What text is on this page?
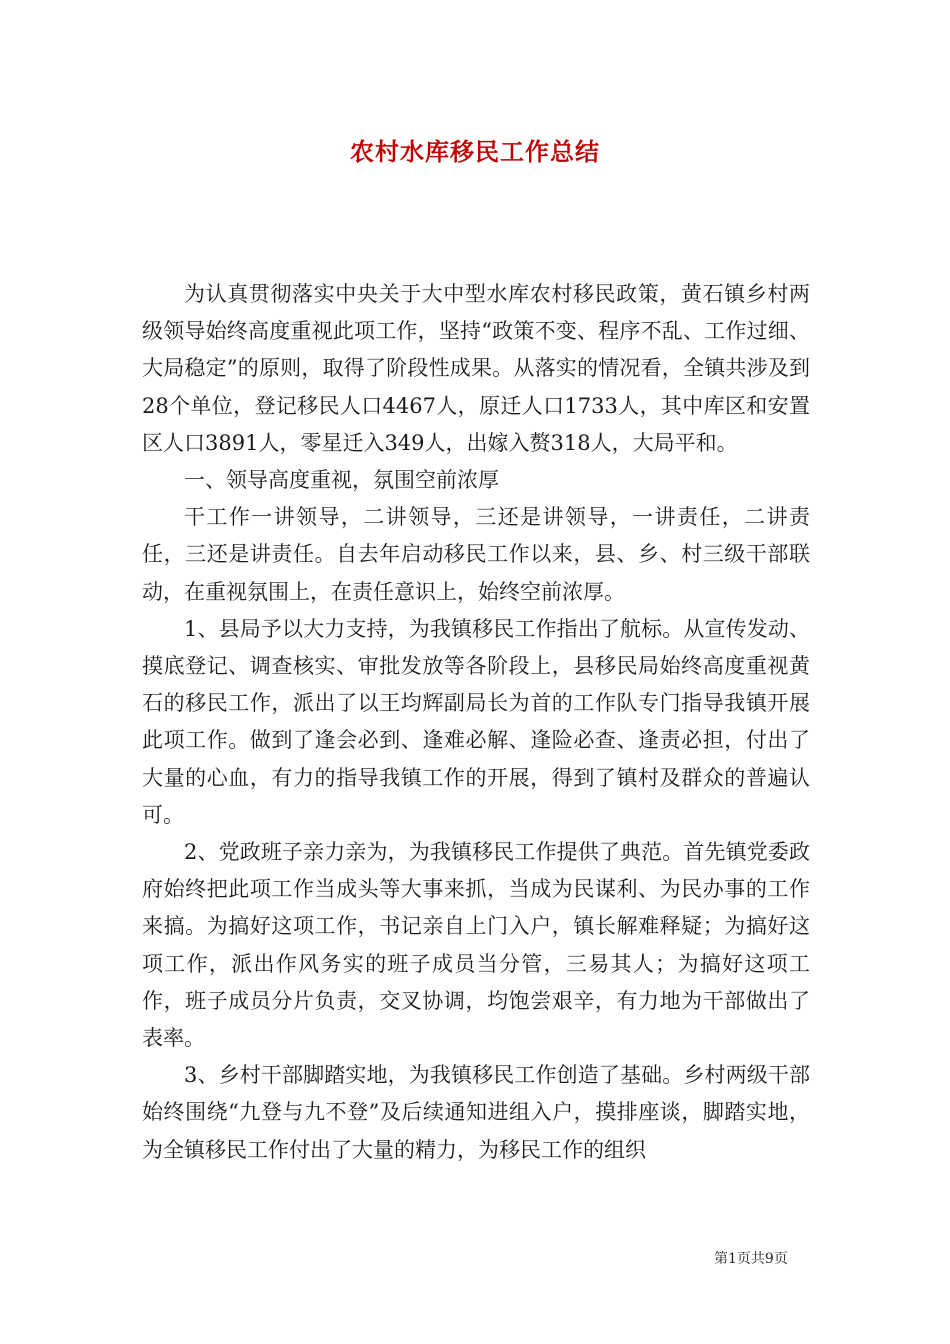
农村水库移民工作总结

为认真贯彻落实中央关于大中型水库农村移民政策，黄石镇乡村两级领导始终高度重视此项工作，坚持“政策不变、程序不乱、工作过细、大局稳定”的原则，取得了阶段性成果。从落实的情况看，全镇共涉及到28个单位，登记移民人口4467人，原迁人口1733人，其中库区和安置区人口3891人，零星迁入349人，出嫁入赘318人，大局平和。

一、领导高度重视，氛围空前浓厚

干工作一讲领导，二讲领导，三还是讲领导，一讲责任，二讲责任，三还是讲责任。自去年启动移民工作以来，县、乡、村三级干部联动，在重视氛围上，在责任意识上，始终空前浓厚。

1、县局予以大力支持，为我镇移民工作指出了航标。从宣传发动、摸底登记、调查核实、审批发放等各阶段上，县移民局始终高度重视黄石的移民工作，派出了以王均辉副局长为首的工作队专门指导我镇开展此项工作。做到了逢会必到、逢难必解、逢险必查、逢责必担，付出了大量的心血，有力的指导我镇工作的开展，得到了镇村及群众的普遍认可。

2、党政班子亲力亲为，为我镇移民工作提供了典范。首先镇党委政府始终把此项工作当成头等大事来抓，当成为民谋利、为民办事的工作来搞。为搞好这项工作，书记亲自上门入户，镇长解难释疑；为搞好这项工作，派出作风务实的班子成员当分管，三易其人；为搞好这项工作，班子成员分片负责，交叉协调，均饱尝艰辛，有力地为干部做出了表率。

3、乡村干部脚踏实地，为我镇移民工作创造了基础。乡村两级干部始终围绕“九登与九不登”及后续通知进组入户，摸排座谈，脚踏实地，为全镇移民工作付出了大量的精力，为移民工作的组织

第1页共9页
